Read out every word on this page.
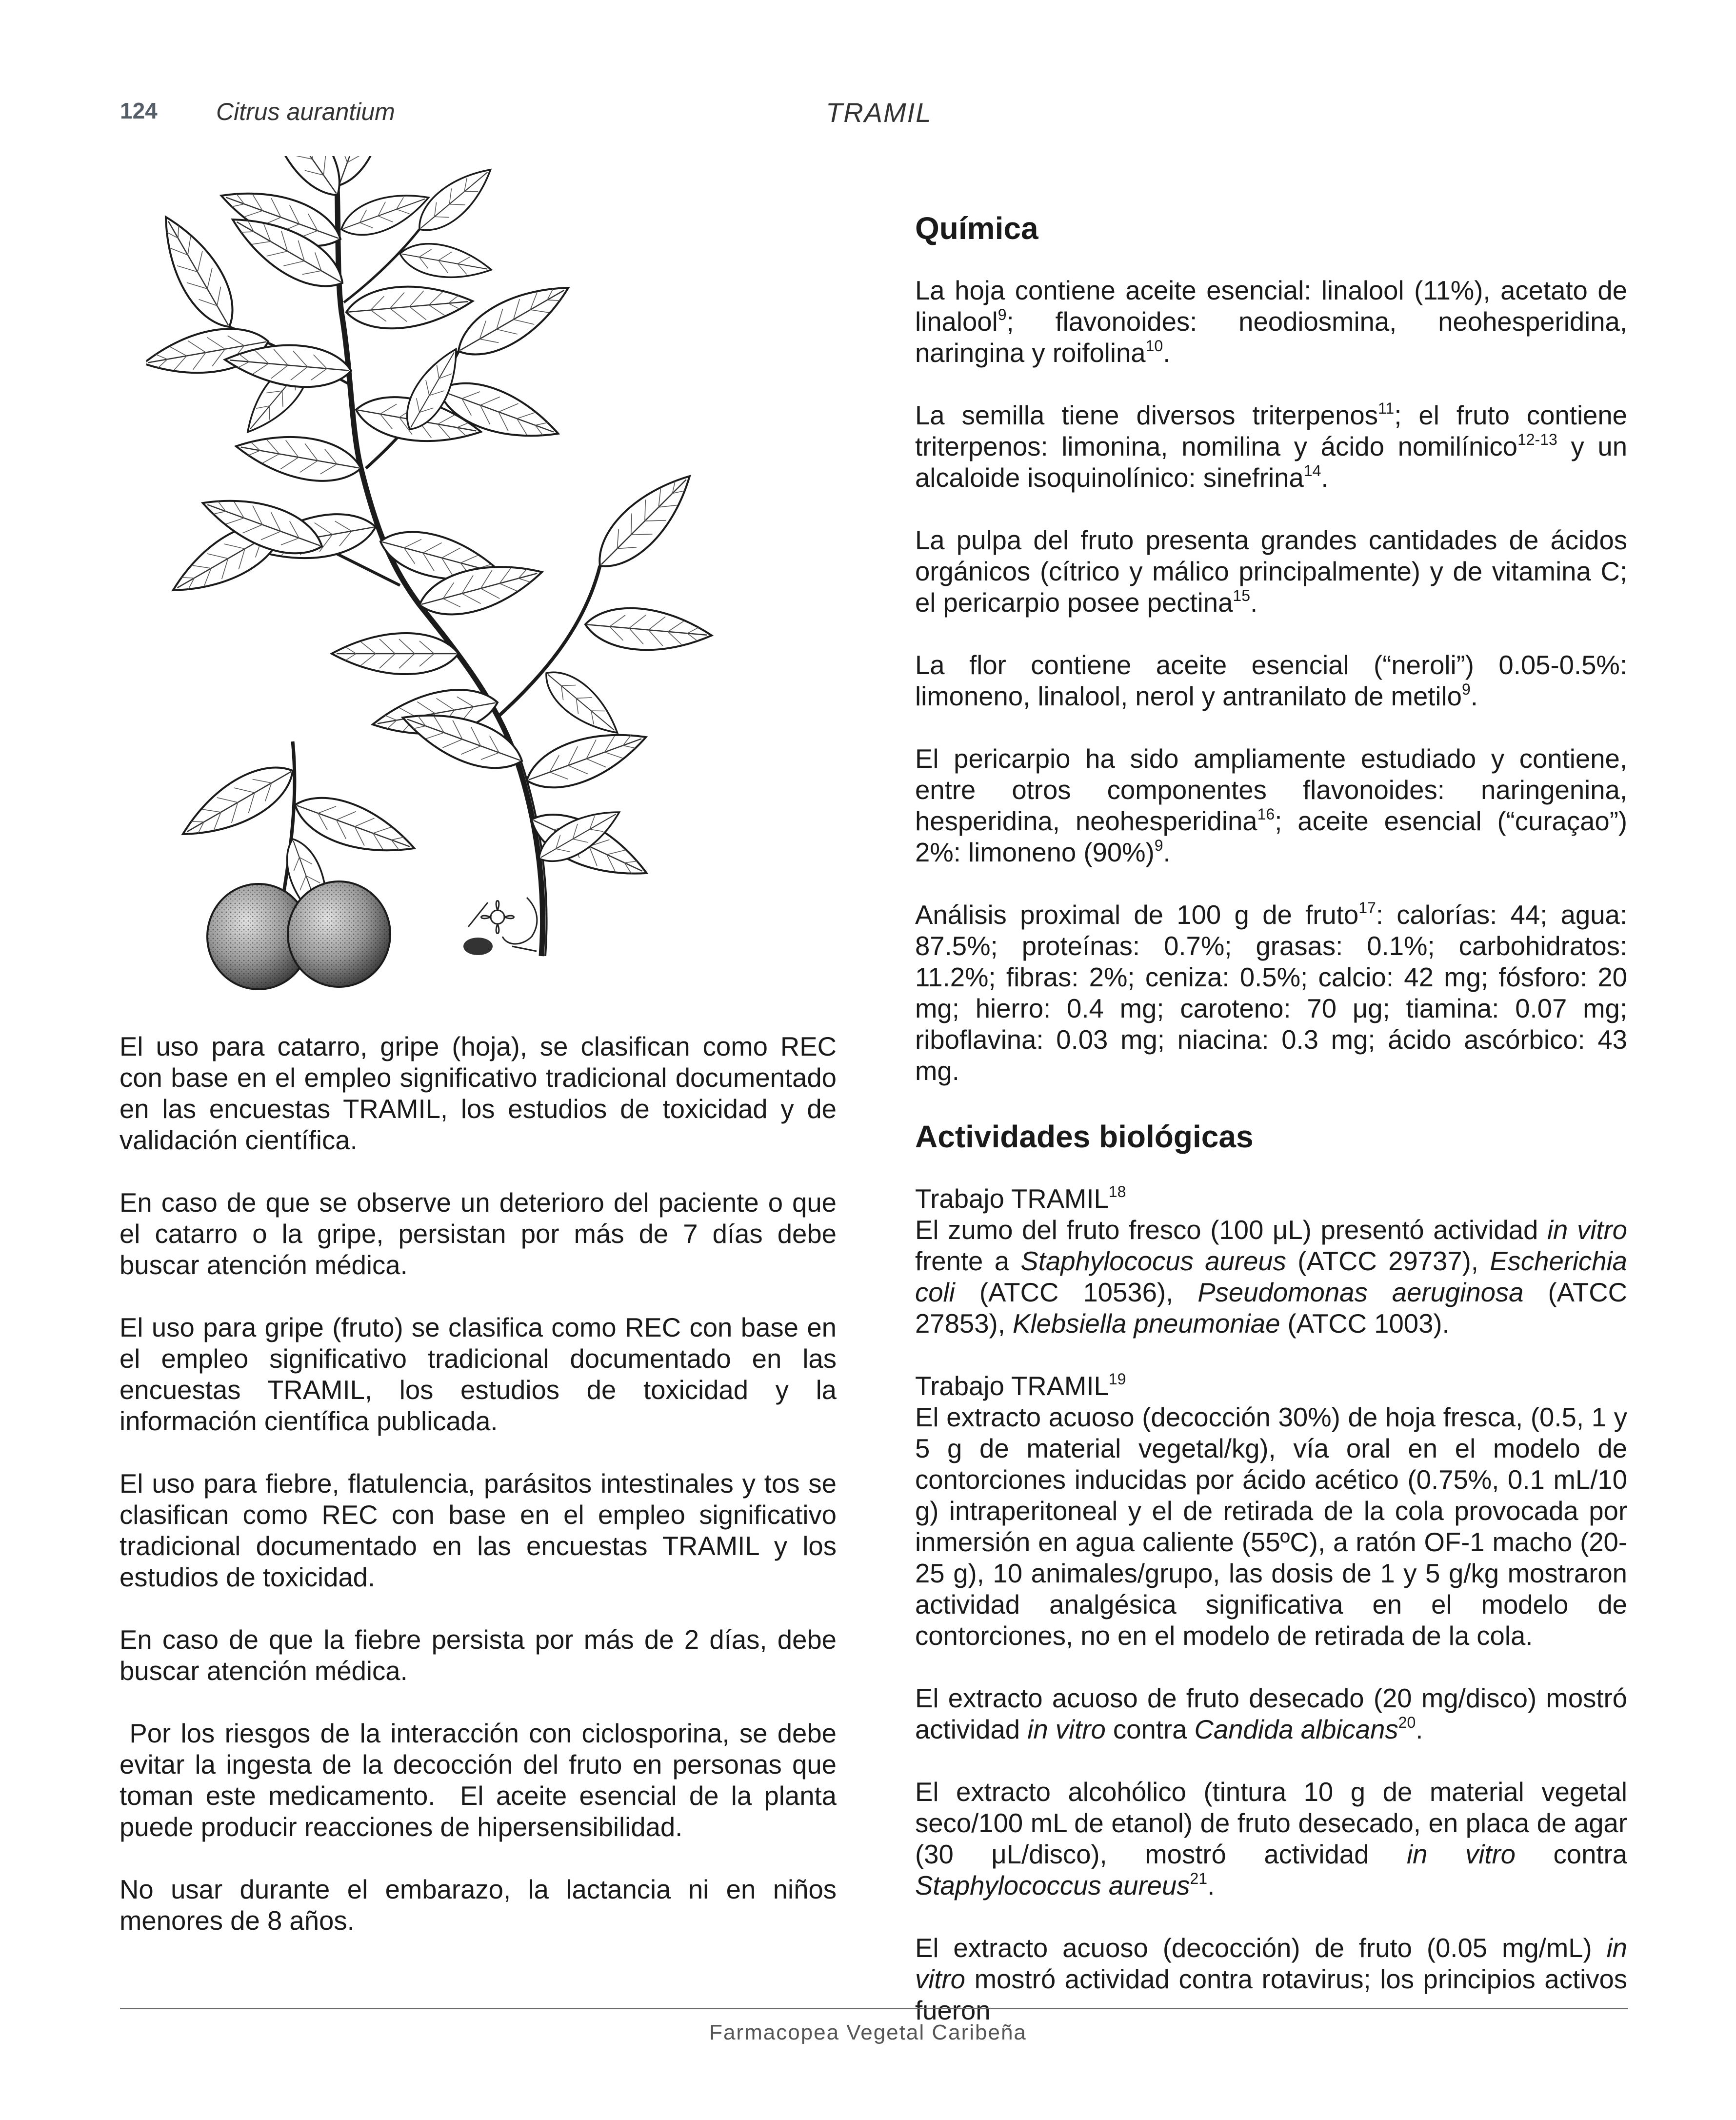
124 Citrus aurantium	TRAMIL

El uso para catarro, gripe (hoja), se clasifican como REC con base en el empleo significativo tradicional documentado en las encuestas TRAMIL, los estudios de toxicidad y de validación científica.

En caso de que se observe un deterioro del paciente o que el catarro o la gripe, persistan por más de 7 días debe buscar atención médica.

El uso para gripe (fruto) se clasifica como REC con base en el empleo significativo tradicional documentado en las encuestas TRAMIL, los estudios de toxicidad y la información científica publicada.

El uso para fiebre, flatulencia, parásitos intestinales y tos se clasifican como REC con base en el empleo significativo tradicional documentado en las encuestas TRAMIL y los estudios de toxicidad.

En caso de que la fiebre persista por más de 2 días, debe buscar atención médica.

Por los riesgos de la interacción con ciclosporina, se debe evitar la ingesta de la decocción del fruto en personas que toman este medicamento.  El aceite esencial de la planta puede producir reacciones de hipersensibilidad.

No usar durante el embarazo, la lactancia ni en niños menores de 8 años.

Química

La hoja contiene aceite esencial: linalool (11%), acetato de linalool$^9$; flavonoides: neodiosmina, neohesperidina, naringina y roifolina$^{10}$.

La semilla tiene diversos triterpenos$^{11}$; el fruto contiene triterpenos: limonina, nomilina y ácido nomilínico$^{12-13}$ y un alcaloide isoquinolínico: sinefrina$^{14}$.

La pulpa del fruto presenta grandes cantidades de ácidos orgánicos (cítrico y málico principalmente) y de vitamina C; el pericarpio posee pectina$^{15}$.

La flor contiene aceite esencial (“neroli”) 0.05-0.5%: limoneno, linalool, nerol y antranilato de metilo$^9$.

El pericarpio ha sido ampliamente estudiado y contiene, entre otros componentes flavonoides: naringenina, hesperidina, neohesperidina$^{16}$; aceite esencial (“curaçao”) 2%: limoneno $(90\%)^9$.

Análisis proximal de 100 g de fruto$^{17}$: calorías: 44; agua: 87.5%; proteínas: 0.7%; grasas: 0.1%; carbohidratos: 11.2%; fibras: 2%; ceniza: 0.5%; calcio: 42 mg; fósforo: 20 mg; hierro: 0.4 mg; caroteno: 70 μg; tiamina: 0.07 mg; riboflavina: 0.03 mg; niacina: 0.3 mg; ácido ascórbico: 43 mg.

Actividades biológicas

Trabajo TRAMIL$^{18}$

El zumo del fruto fresco (100 μL) presentó actividad in vitro frente a Staphylococus aureus (ATCC 29737), Escherichia coli (ATCC 10536), Pseudomonas aeruginosa (ATCC 27853), Klebsiella pneumoniae (ATCC 1003).

Trabajo TRAMIL$^{19}$

El extracto acuoso (decocción 30%) de hoja fresca, (0.5, 1 y 5 g de material vegetal/kg), vía oral en el modelo de contorciones inducidas por ácido acético (0.75%, 0.1 mL/10 g) intraperitoneal y el de retirada de la cola provocada por inmersión en agua caliente (55ºC), a ratón OF-1 macho (20-25 g), 10 animales/grupo, las dosis de 1 y 5 g/kg mostraron actividad analgésica significativa en el modelo de contorciones, no en el modelo de retirada de la cola.

El extracto acuoso de fruto desecado (20 mg/disco) mostró actividad in vitro contra Candida albicans$^{20}$.

El extracto alcohólico (tintura 10 g de material vegetal seco/100 mL de etanol) de fruto desecado, en placa de agar (30 μL/disco), mostró actividad in vitro contra Staphylococcus aureus$^{21}$.

El extracto acuoso (decocción) de fruto (0.05 mg/mL) in vitro mostró actividad contra rotavirus; los principios activos fueron

Farmacopea Vegetal Caribeña
